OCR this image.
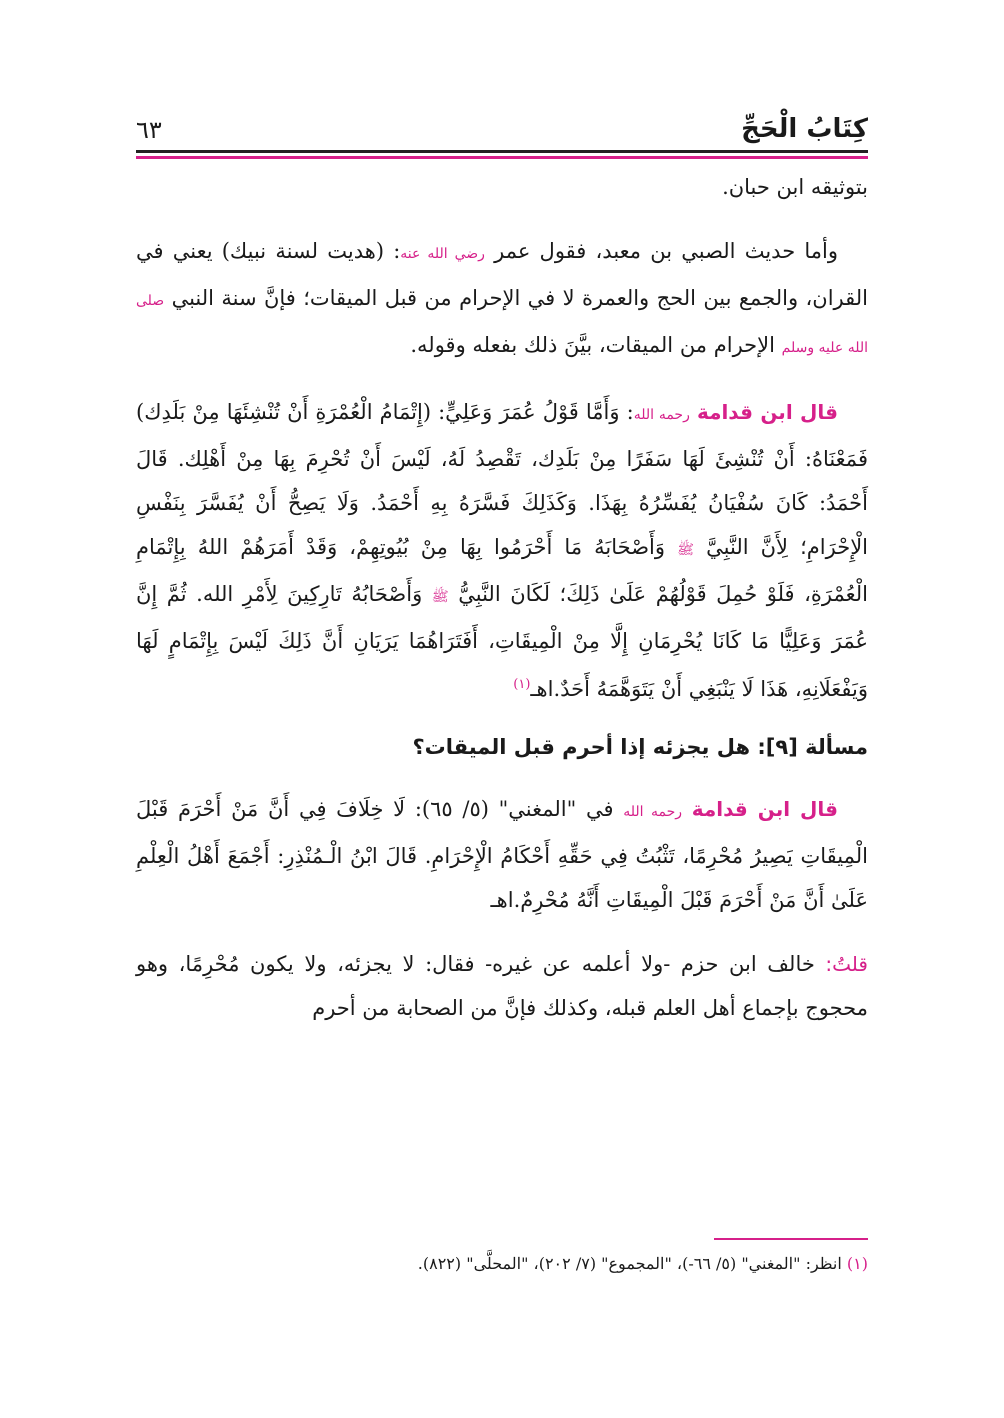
كِتَابُ الْحَجِّ
٦٣

بتوثيقه ابن حبان.

وأما حديث الصبي بن معبد، فقول عمر رضي الله عنه: (هديت لسنة نبيك) يعني في القران، والجمع بين الحج والعمرة لا في الإحرام من قبل الميقات؛ فإنَّ سنة النبي صلى الله عليه وسلم الإحرام من الميقات، بيَّنَ ذلك بفعله وقوله.

قال ابن قدامة رحمه الله: وَأَمَّا قَوْلُ عُمَرَ وَعَلِيٍّ: (إِتْمَامُ الْعُمْرَةِ أَنْ تُنْشِئَهَا مِنْ بَلَدِك) فَمَعْنَاهُ: أَنْ تُنْشِئَ لَهَا سَفَرًا مِنْ بَلَدِك، تَقْصِدُ لَهُ، لَيْسَ أَنْ تُحْرِمَ بِهَا مِنْ أَهْلِك. قَالَ أَحْمَدُ: كَانَ سُفْيَانُ يُفَسِّرُهُ بِهَذَا. وَكَذَلِكَ فَسَّرَهُ بِهِ أَحْمَدُ. وَلَا يَصِحُّ أَنْ يُفَسَّرَ بِنَفْسِ الْإِحْرَامِ؛ لِأَنَّ النَّبِيَّ ﷺ وَأَصْحَابَهُ مَا أَحْرَمُوا بِهَا مِنْ بُيُوتِهِمْ، وَقَدْ أَمَرَهُمْ اللهُ بِإِتْمَامِ الْعُمْرَةِ، فَلَوْ حُمِلَ قَوْلُهُمْ عَلَىٰ ذَلِكَ؛ لَكَانَ النَّبِيُّ ﷺ وَأَصْحَابُهُ تَارِكِينَ لِأَمْرِ الله. ثُمَّ إِنَّ عُمَرَ وَعَلِيًّا مَا كَانَا يُحْرِمَانِ إِلَّا مِنْ الْمِيقَاتِ، أَفَتَرَاهُمَا يَرَيَانِ أَنَّ ذَلِكَ لَيْسَ بِإِتْمَامٍ لَهَا وَيَفْعَلَانِهِ، هَذَا لَا يَنْبَغِي أَنْ يَتَوَهَّمَهُ أَحَدٌ.اهـ$^{(١)}$

مسألة [٩]: هل يجزئه إذا أحرم قبل الميقات؟

قال ابن قدامة رحمه الله في "المغني" (٥/ ٦٥): لَا خِلَافَ فِي أَنَّ مَنْ أَحْرَمَ قَبْلَ الْمِيقَاتِ يَصِيرُ مُحْرِمًا، تَثْبُتُ فِي حَقِّهِ أَحْكَامُ الْإِحْرَامِ. قَالَ ابْنُ الْـمُنْذِرِ: أَجْمَعَ أَهْلُ الْعِلْمِ عَلَىٰ أَنَّ مَنْ أَحْرَمَ قَبْلَ الْمِيقَاتِ أَنَّهُ مُحْرِمٌ.اهـ

قلتُ: خالف ابن حزم -ولا أعلمه عن غيره- فقال: لا يجزئه، ولا يكون مُحْرِمًا، وهو محجوج بإجماع أهل العلم قبله، وكذلك فإنَّ من الصحابة من أحرم

(١) انظر: "المغني" (٥/ ٦٦-)، "المجموع" (٧/ ٢٠٢)، "المحلَّى" (٨٢٢).
